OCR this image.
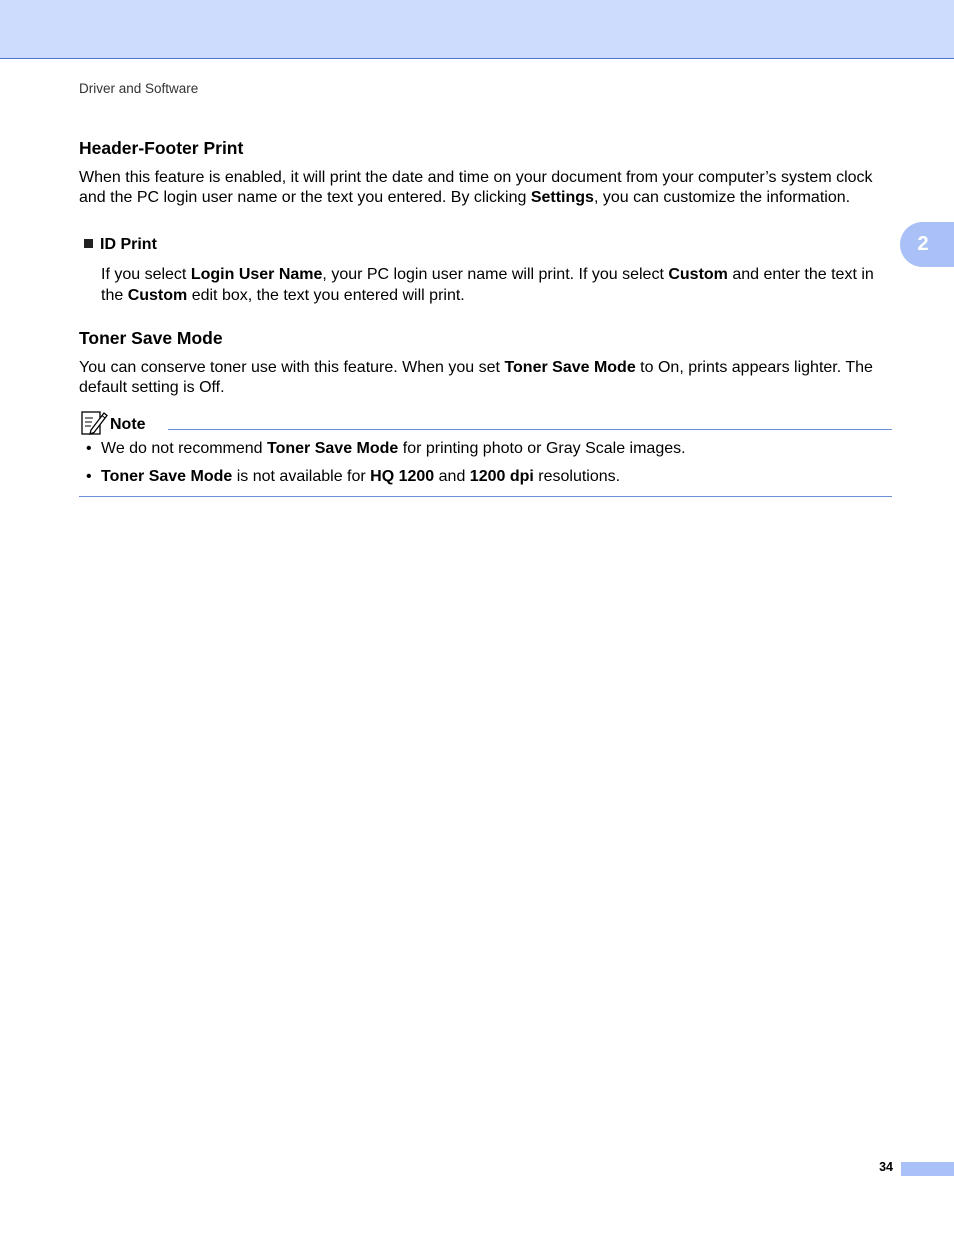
Driver and Software
2
Header-Footer Print

When this feature is enabled, it will print the date and time on your document from your computer’s system clock and the PC login user name or the text you entered. By clicking Settings, you can customize the information.

ID Print

If you select Login User Name, your PC login user name will print. If you select Custom and enter the text in the Custom edit box, the text you entered will print.

Toner Save Mode

You can conserve toner use with this feature. When you set Toner Save Mode to On, prints appears lighter. The default setting is Off.

Note
• We do not recommend Toner Save Mode for printing photo or Gray Scale images.
• Toner Save Mode is not available for HQ 1200 and 1200 dpi resolutions.
34
